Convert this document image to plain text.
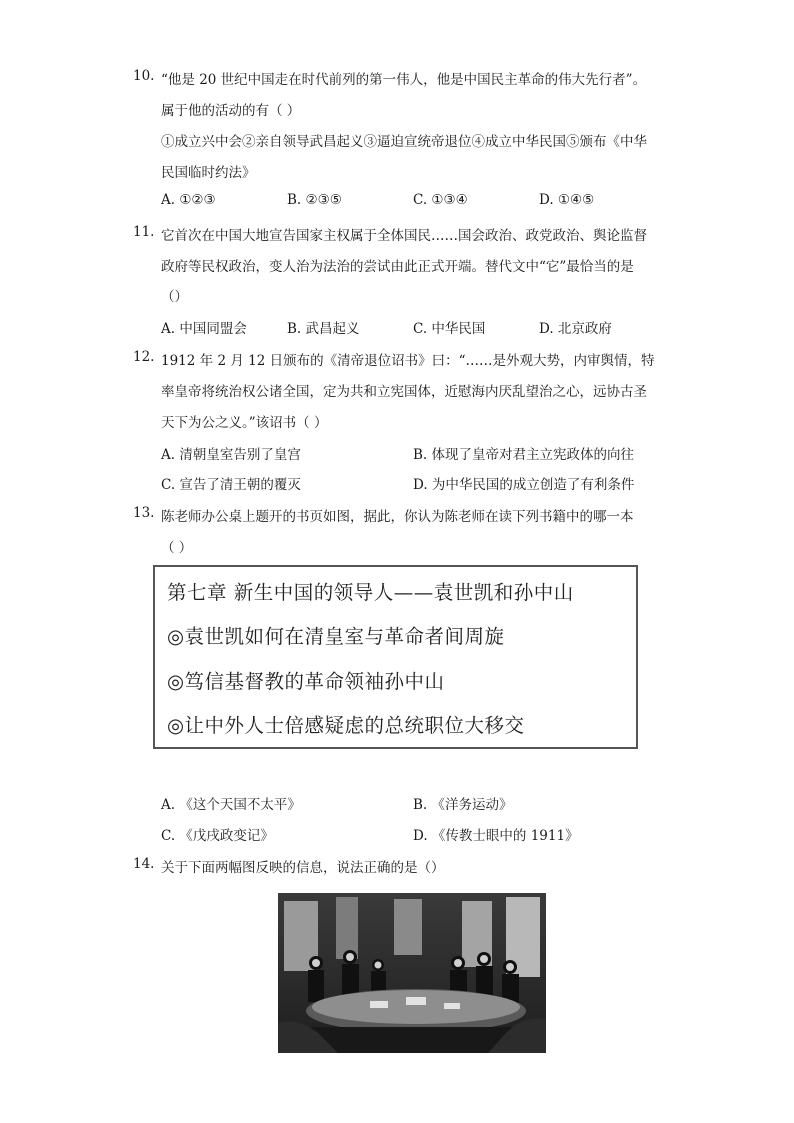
10. “他是 20 世纪中国走在时代前列的第一伟人，他是中国民主革命的伟大先行者”。
属于他的活动的有（ ）
①成立兴中会②亲自领导武昌起义③逼迫宣统帝退位④成立中华民国⑤颁布《中华
民国临时约法》
A. ①②③	B. ②③⑤	C. ①③④	D. ①④⑤
11. 它首次在中国大地宣告国家主权属于全体国民……国会政治、政党政治、舆论监督
政府等民权政治，变人治为法治的尝试由此正式开端。替代文中“它”最恰当的是
（）
A. 中国同盟会	B. 武昌起义	C. 中华民国	D. 北京政府
12. 1912 年 2 月 12 日颁布的《清帝退位诏书》曰：“……是外观大势，内审舆情，特
率皇帝将统治权公诸全国，定为共和立宪国体，近慰海内厌乱望治之心，远协古圣
天下为公之义。”该诏书（ ）
A. 清朝皇室告别了皇宫	B. 体现了皇帝对君主立宪政体的向往
C. 宣告了清王朝的覆灭	D. 为中华民国的成立创造了有利条件
13. 陈老师办公桌上题开的书页如图，据此，你认为陈老师在读下列书籍中的哪一本
（ ）
第七章 新生中国的领导人——袁世凯和孙中山
◎袁世凯如何在清皇室与革命者间周旋
◎笃信基督教的革命领袖孙中山
◎让中外人士倍感疑虑的总统职位大移交
A. 《这个天国不太平》	B. 《洋务运动》
C. 《戊戌政变记》	D. 《传教士眼中的 1911》
14. 关于下面两幅图反映的信息，说法正确的是（）
